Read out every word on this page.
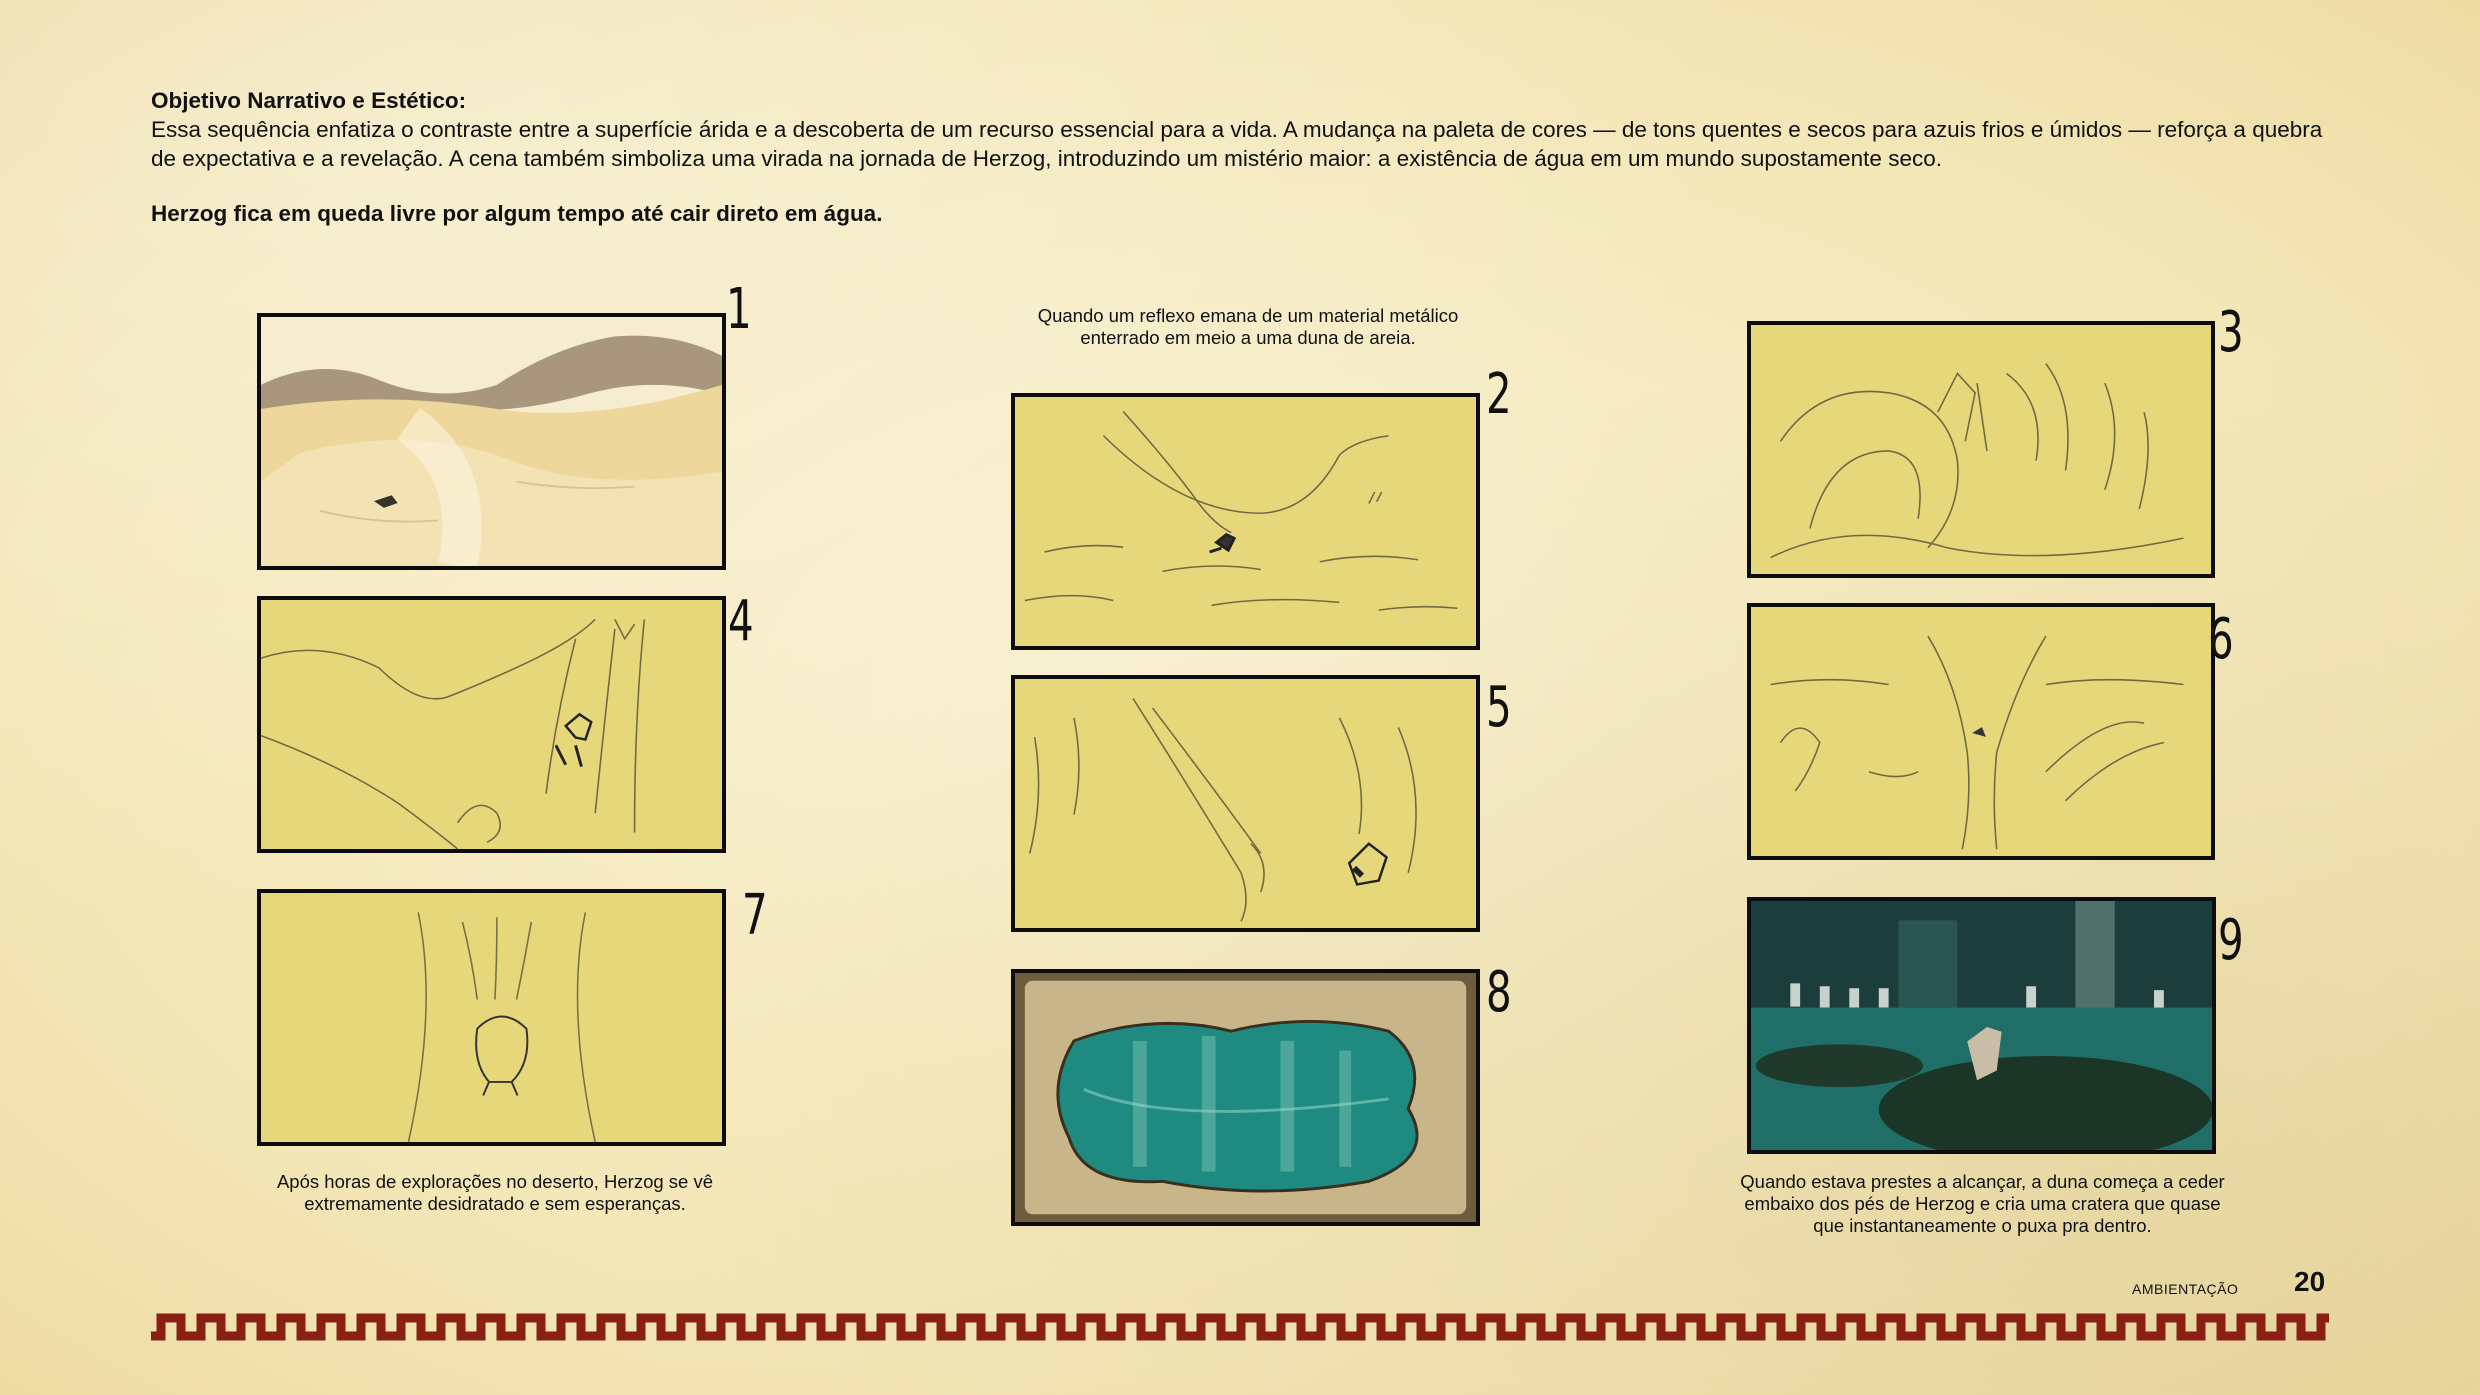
Objetivo Narrativo e Estético:

Essa sequência enfatiza o contraste entre a superfície árida e a descoberta de um recurso essencial para a vida. A mudança na paleta de cores — de tons quentes e secos para azuis frios e úmidos — reforça a quebra de expectativa e a revelação. A cena também simboliza uma virada na jornada de Herzog, introduzindo um mistério maior: a existência de água em um mundo supostamente seco.

Herzog fica em queda livre por algum tempo até cair direto em água.

Quando um reflexo emana de um material metálico enterrado em meio a uma duna de areia.
Após horas de explorações no deserto, Herzog se vê extremamente desidratado e sem esperanças.
Quando estava prestes a alcançar, a duna começa a ceder embaixo dos pés de Herzog e cria uma cratera que quase que instantaneamente o puxa pra dentro.
1
2
3
4
5
6
7
8
9
AMBIENTAÇÃO 20
